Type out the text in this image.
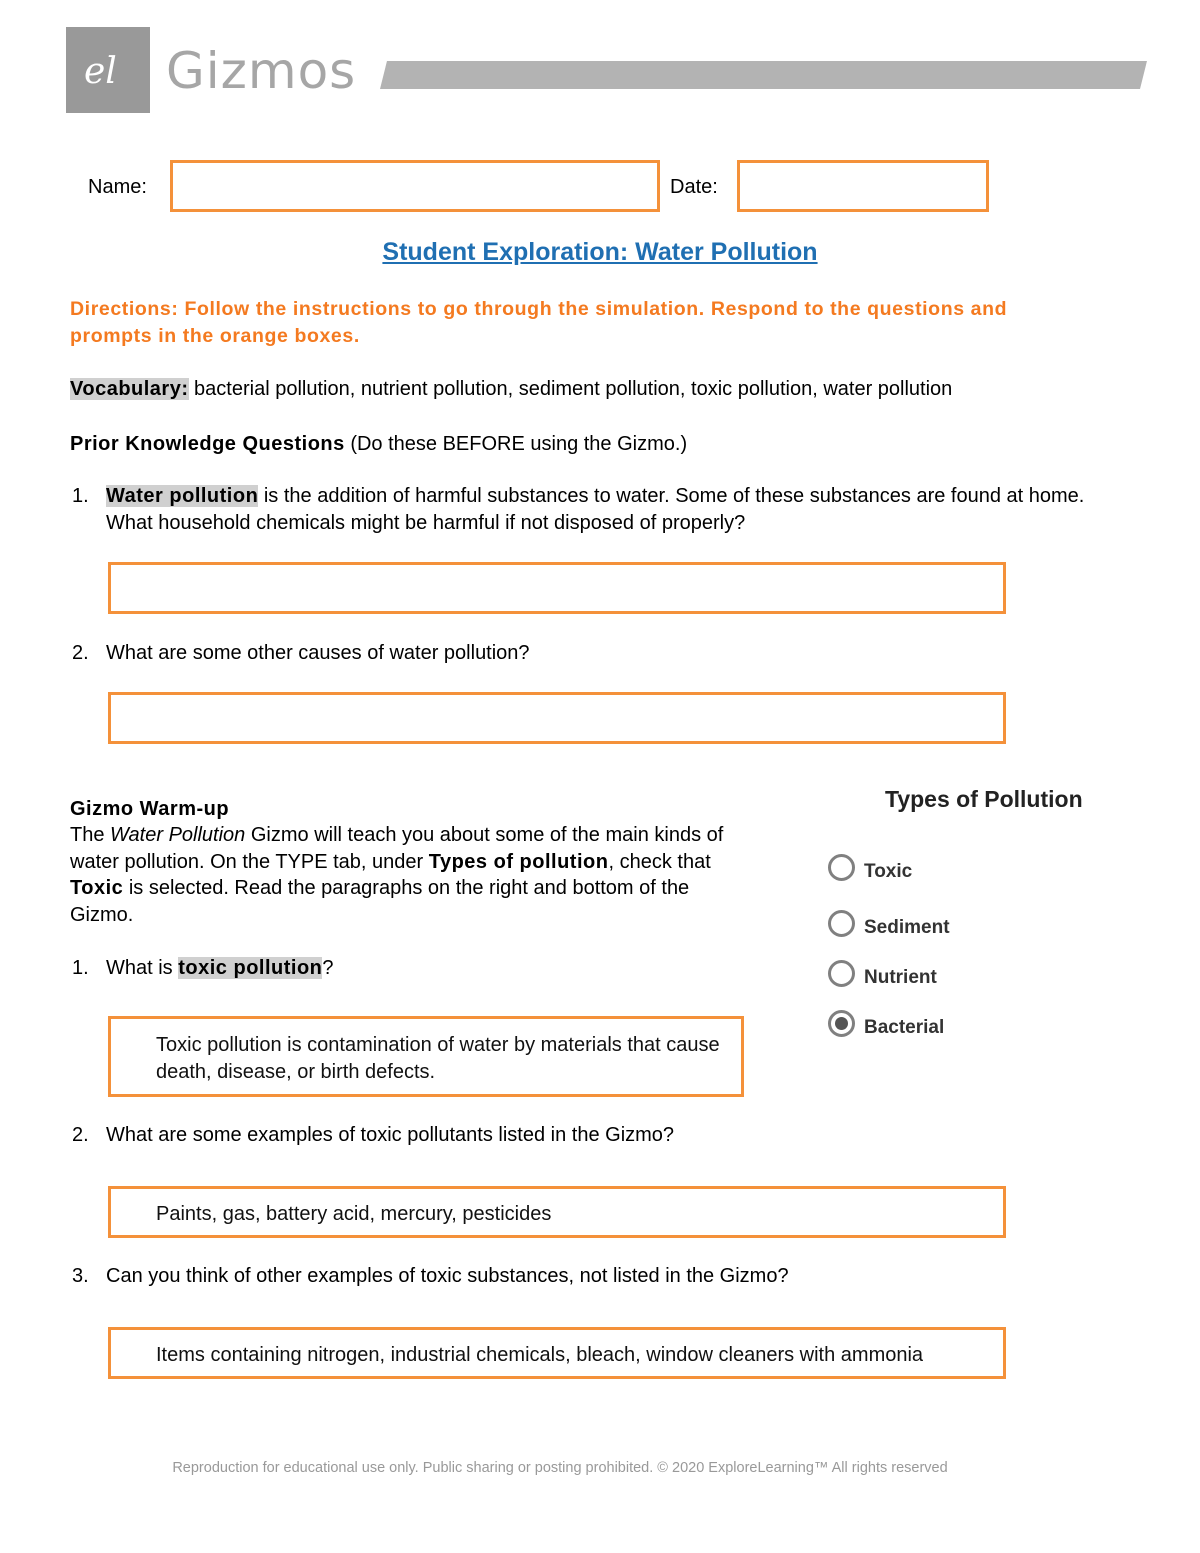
el Gizmos
Name:	Date:
Student Exploration: Water Pollution
Directions: Follow the instructions to go through the simulation. Respond to the questions and prompts in the orange boxes.
Vocabulary: bacterial pollution, nutrient pollution, sediment pollution, toxic pollution, water pollution
Prior Knowledge Questions (Do these BEFORE using the Gizmo.)
1. Water pollution is the addition of harmful substances to water. Some of these substances are found at home. What household chemicals might be harmful if not disposed of properly?
2. What are some other causes of water pollution?
Gizmo Warm-up
The Water Pollution Gizmo will teach you about some of the main kinds of water pollution. On the TYPE tab, under Types of pollution, check that Toxic is selected. Read the paragraphs on the right and bottom of the Gizmo.
Types of Pollution
Toxic
Sediment
Nutrient
Bacterial
1. What is toxic pollution?
Toxic pollution is contamination of water by materials that cause death, disease, or birth defects.
2. What are some examples of toxic pollutants listed in the Gizmo?
Paints, gas, battery acid, mercury, pesticides
3. Can you think of other examples of toxic substances, not listed in the Gizmo?
Items containing nitrogen, industrial chemicals, bleach, window cleaners with ammonia
Reproduction for educational use only. Public sharing or posting prohibited. © 2020 ExploreLearning™ All rights reserved
